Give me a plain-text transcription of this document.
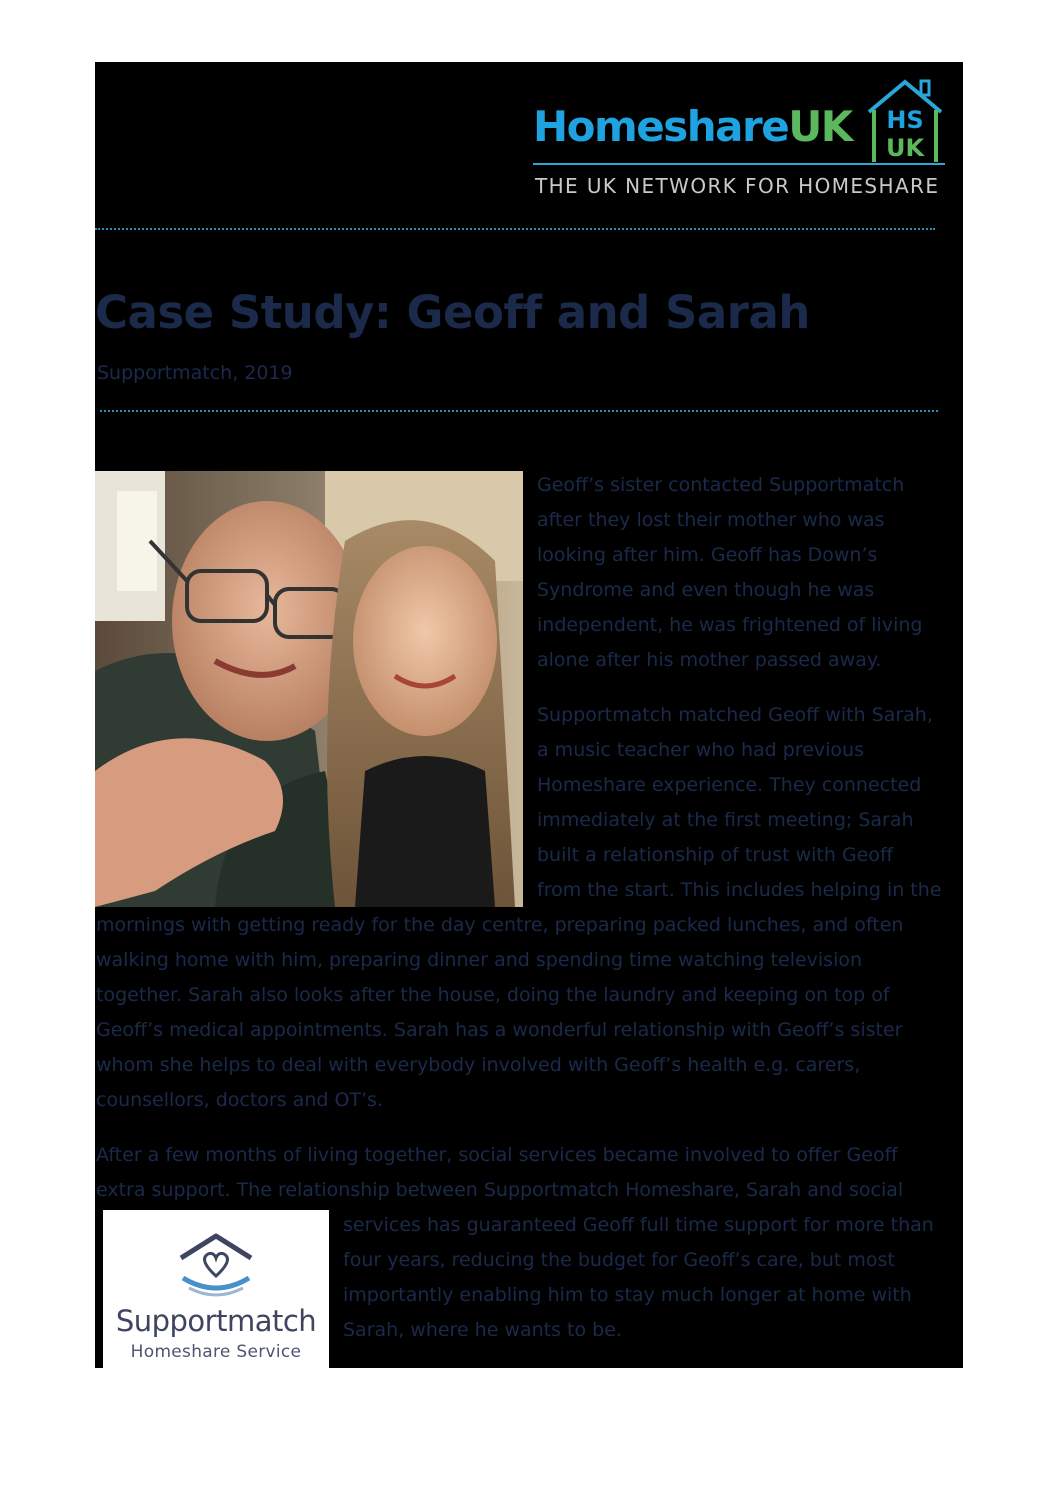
HomeshareUK HS
UK
THE UK NETWORK FOR HOMESHARE
Case Study: Geoff and Sarah
Supportmatch, 2019
Geoff’s sister contacted Supportmatch
after they lost their mother who was
looking after him. Geoff has Down’s
Syndrome and even though he was
independent, he was frightened of living
alone after his mother passed away.
Supportmatch matched Geoff with Sarah,
a music teacher who had previous
Homeshare experience. They connected
immediately at the first meeting; Sarah
built a relationship of trust with Geoff
from the start. This includes helping in the
mornings with getting ready for the day centre, preparing packed lunches, and often
walking home with him, preparing dinner and spending time watching television
together. Sarah also looks after the house, doing the laundry and keeping on top of
Geoff’s medical appointments. Sarah has a wonderful relationship with Geoff’s sister
whom she helps to deal with everybody involved with Geoff’s health e.g. carers,
counsellors, doctors and OT’s.
After a few months of living together, social services became involved to offer Geoff
extra support. The relationship between Supportmatch Homeshare, Sarah and social
services has guaranteed Geoff full time support for more than
four years, reducing the budget for Geoff’s care, but most
importantly enabling him to stay much longer at home with
Sarah, where he wants to be.
Supportmatch
Homeshare Service
